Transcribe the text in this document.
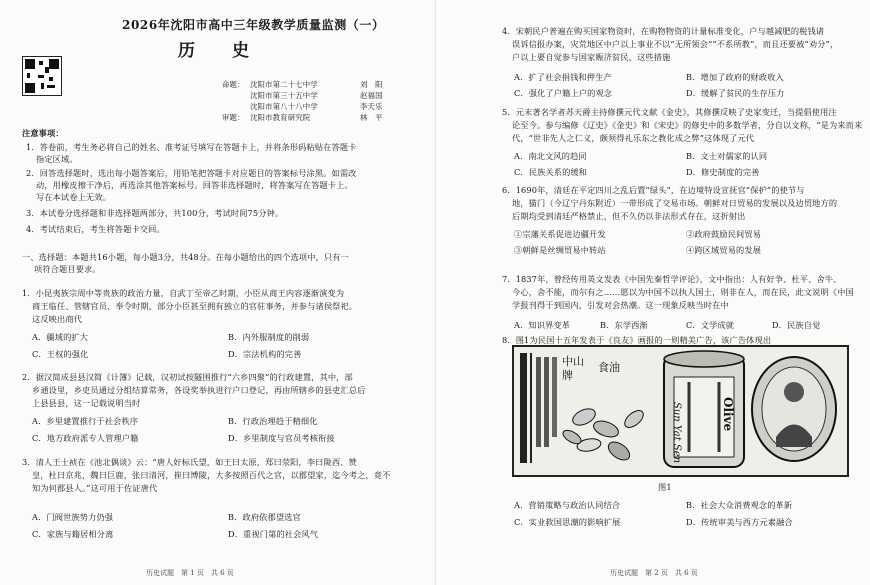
2026年沈阳市高中三年级教学质量监测（一）
历　史
命题： 沈阳市第二十七中学	刘　阳
沈阳市第三十五中学	赵福国
沈阳市第八十八中学	李天乐
审题： 沈阳市教育研究院	林　平
注意事项：
1．答卷前，考生务必将自己的姓名、准考证号填写在答题卡上，并将条形码粘贴在答题卡
指定区域。
2．回答选择题时，选出每小题答案后，用铅笔把答题卡对应题目的答案标号涂黑。如需改
动，用橡皮擦干净后，再选涂其他答案标号。回答非选择题时，将答案写在答题卡上。
写在本试卷上无效。
3．本试卷分选择题和非选择题两部分，共100分，考试时间75分钟。
4．考试结束后，考生将答题卡交回。
一、选择题：本题共16小题，每小题3分，共48分。在每小题给出的四个选项中，只有一
项符合题目要求。
1．小昆夷族宗周中等贵族的政治力量，自武丁至帝乙时期，小臣从商王内容逐渐演变为
商王临任、管辖官员、奉令时期，部分小臣甚至拥有独立的官驻事务，并参与诸侯祭祀。
这反映出商代
A．疆域的扩大	B．内外服制度的削弱
C．王权的强化	D．宗法机构的完善
2．据汉简成县县汉简《计簿》记载，汉初试按隧围推行“六乡四聚”的行政建置，其中，部
乡通设里，乡吏员通过分组结算常务，各设奖举执进行户口登记，再由所辖乡的县吏汇总后
上县县县，这一记载说明当时
A．乡里建置推行于社会秩序	B．行政治理趋于精细化
C．地方政府派专人管理户籍	D．乡里制度与官员考核衔接
3．清人王士祯在《池北偶谈》云：“唐人好标氏望，如王曰太原，郑曰荥阳，李曰陇西、赞
皇，杜曰京兆，魏曰巨鹿，张曰清河，崔曰博陵，大多按照百代之官，以郡望家，迄今考之，竟不
知为何郡县人。”这可用于佐证唐代
A．门阀世族势力仍强	B．政府依郡望选官
C．家族与籍居相分离	D．重视门第的社会风气
历史试题　第 1 页　共 6 页	历史试题　第 2 页　共 6 页
4．宋朝民户普遍在购买国家物资时，在购物物资的计量标准变化，户与越减肥的税钱诸
误诉信报办案，灾荒地区中户以上事业不以“无所领会”“不系所教”，而且还要被“劝分”，
户以上要自觉参与国家赈济贫民，这些措施
A．扩了社会捐钱和押生产	B．增加了政府的财政收入
C．强化了户籍上户的观念	D．缓解了贫民的生存压力
5．元末著名学者苏天爵主持修撰元代文献《金史》，其修撰反映了史家变迁，当提倡使用注
论至今。参与编修《辽史》《金史》和《宋史》的修史中的多数学者，分自以文称，“是为来而来
代，“世非先人之仁义，颇须得礼乐东之教化成之弊”这体现了元代
A．南北文风的趋同	B．文士对儒家的认同
C．民族关系的缓和	D．修史制度的完善
6．1690年，清廷在平定四川之乱后置“绿头”，在边境特设宣抚官“保护”的使节与
地，猫门（今辽宁丹东附近）一带形成了交易市场。朝鲜对日贸易的发展以及边贸地方的
后期均受到清廷严格禁止，但不久仍以非法形式存在，这折射出
①宗藩关系促进边疆开发	②政府鼓励民间贸易
③朝鲜是丝绸贸易中转站	④跨区域贸易的发展
7．1837年，曾经传用英文发表《中国先秦哲学评论》，文中指出：人有好争、杜平、舍牛、
今心，舍不能，而尔有之……愿以为中国不以执人国土，则非在人，而在民，此文说明《中国
学报刊得于到国内，引发对会热潮。这一现象反映当时在中
A．知识界变革	B．东学西渐	C．文学成就	D．民族自觉
8．图1为民国十五年发表于《良友》画报的一则精美广告，该广告体现出
中山
牌
食油
Sun Yat Sen	Olive
图1
A．营销策略与政治认同结合	B．社会大众消费观念的革新
C．实业救国思潮的影响扩展	D．传统审美与西方元素融合
